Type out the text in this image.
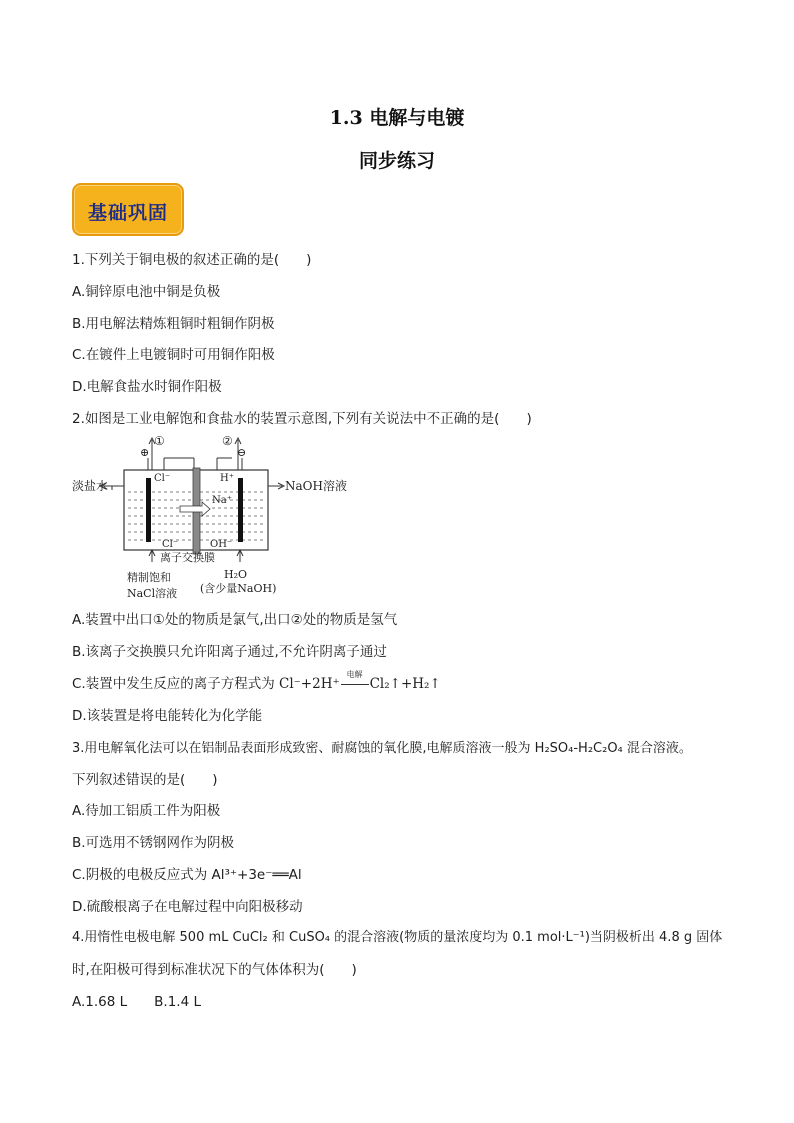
1.3 电解与电镀
同步练习
基础巩固
1.下列关于铜电极的叙述正确的是(　　)
A.铜锌原电池中铜是负极
B.用电解法精炼粗铜时粗铜作阴极
C.在镀件上电镀铜时可用铜作阳极
D.电解食盐水时铜作阳极
2.如图是工业电解饱和食盐水的装置示意图,下列有关说法中不正确的是(　　)
①	②
⊕	⊖
Cl⁻	H⁺
Na⁺
Cl⁻	OH⁻
淡盐水	NaOH溶液
离子交换膜
精制饱和
NaCl溶液
H₂O
(含少量NaOH)
A.装置中出口①处的物质是氯气,出口②处的物质是氢气
B.该离子交换膜只允许阳离子通过,不允许阴离子通过
C.装置中发生反应的离子方程式为 Cl⁻+2H⁺
电解
Cl₂↑+H₂↑
D.该装置是将电能转化为化学能
3.用电解氧化法可以在铝制品表面形成致密、耐腐蚀的氧化膜,电解质溶液一般为 H₂SO₄-H₂C₂O₄ 混合溶液。
下列叙述错误的是(　　)
A.待加工铝质工件为阳极
B.可选用不锈钢网作为阴极
C.阴极的电极反应式为 Al³⁺+3e⁻══Al
D.硫酸根离子在电解过程中向阳极移动
4.用惰性电极电解 500 mL CuCl₂ 和 CuSO₄ 的混合溶液(物质的量浓度均为 0.1 mol·L⁻¹)当阴极析出 4.8 g 固体
时,在阳极可得到标准状况下的气体体积为(　　)
A.1.68 L　　B.1.4 L
